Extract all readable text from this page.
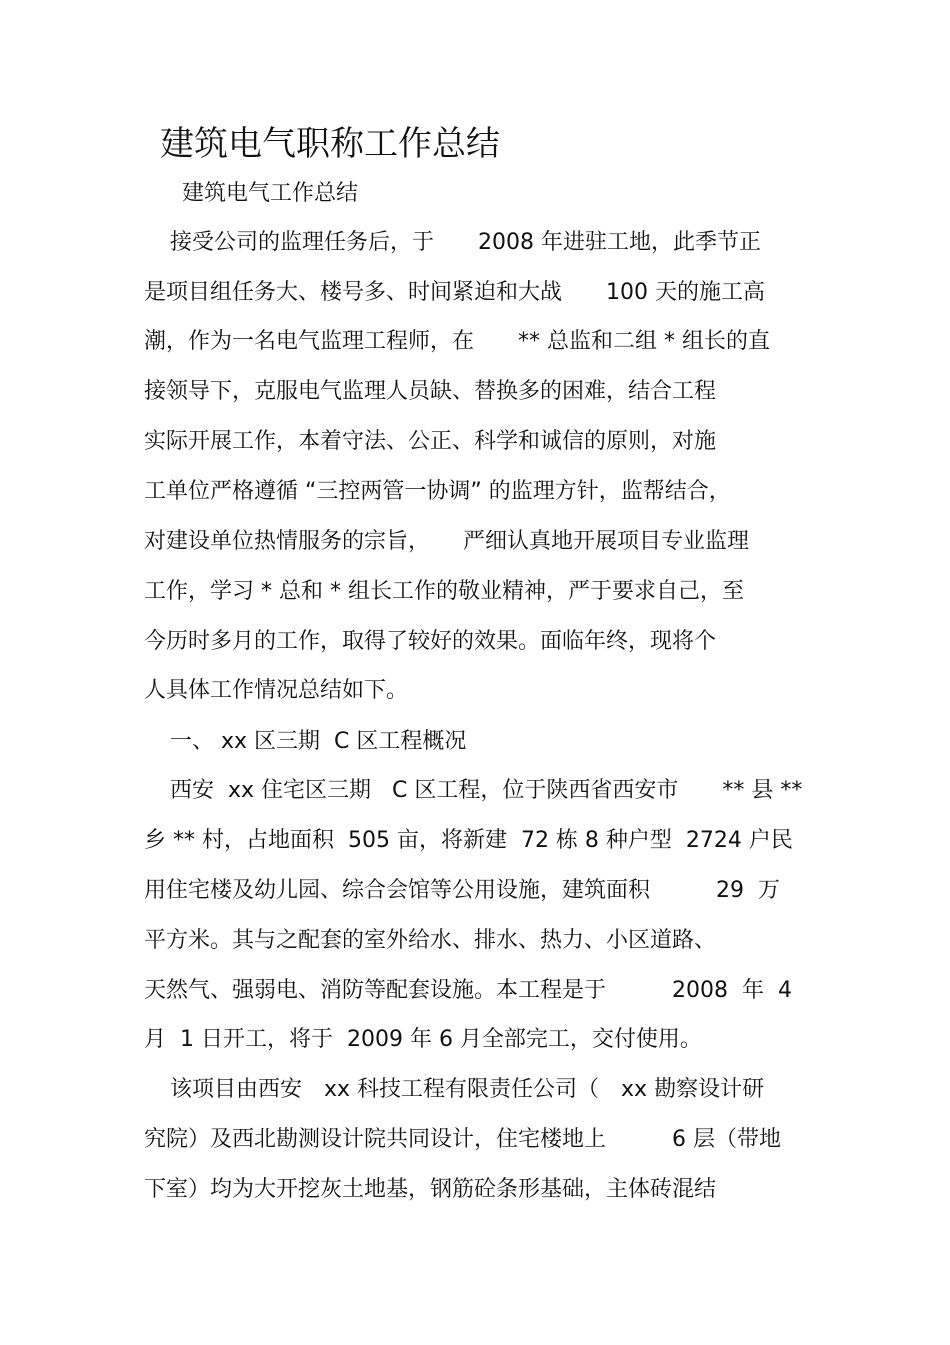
建筑电气职称工作总结
建筑电气工作总结
接受公司的监理任务后，于　　2008 年进驻工地，此季节正
是项目组任务大、楼号多、时间紧迫和大战　　100 天的施工高
潮，作为一名电气监理工程师，在　　** 总监和二组 * 组长的直
接领导下，克服电气监理人员缺、替换多的困难，结合工程
实际开展工作，本着守法、公正、科学和诚信的原则，对施
工单位严格遵循 “三控两管一协调” 的监理方针，监帮结合，
对建设单位热情服务的宗旨，　　严细认真地开展项目专业监理
工作，学习 * 总和 * 组长工作的敬业精神，严于要求自己，至
今历时多月的工作，取得了较好的效果。面临年终，现将个
人具体工作情况总结如下。
一、 xx 区三期  C 区工程概况
西安  xx 住宅区三期   C 区工程，位于陕西省西安市　　** 县 **
乡 ** 村，占地面积  505 亩，将新建  72 栋 8 种户型  2724 户民
用住宅楼及幼儿园、综合会馆等公用设施，建筑面积　　　29  万
平方米。其与之配套的室外给水、排水、热力、小区道路、
天然气、强弱电、消防等配套设施。本工程是于　　　2008  年  4
月  1 日开工，将于  2009 年 6 月全部完工，交付使用。
该项目由西安　xx 科技工程有限责任公司（　xx 勘察设计研
究院）及西北勘测设计院共同设计，住宅楼地上　　　6 层（带地
下室）均为大开挖灰土地基，钢筋砼条形基础，主体砖混结
